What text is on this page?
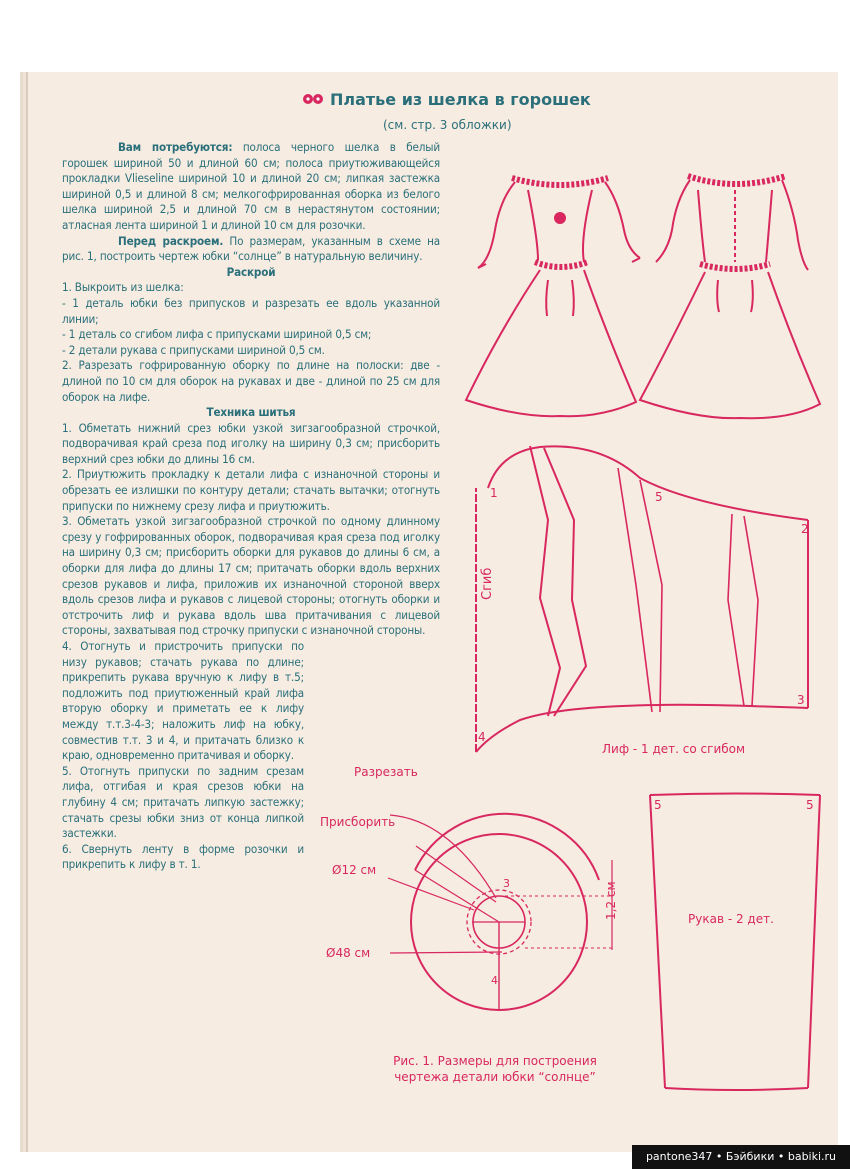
Платье из шелка в горошек
(см. стр. 3 обложки)

Вам потребуются: полоса черного шелка в белый горошек шириной 50 и длиной 60 см; полоса приутюживающейся прокладки Vlieseline шириной 10 и длиной 20 см; липкая застежка шириной 0,5 и длиной 8 см; мелкогофрированная оборка из белого шелка шириной 2,5 и длиной 70 см в нерастянутом состоянии; атласная лента шириной 1 и длиной 10 см для розочки.

Перед раскроем. По размерам, указанным в схеме на рис. 1, построить чертеж юбки “солнце” в натуральную величину.

Раскрой

1. Выкроить из шелка:

- 1 деталь юбки без припусков и разрезать ее вдоль указанной линии;

- 1 деталь со сгибом лифа с припусками шириной 0,5 см;

- 2 детали рукава с припусками шириной 0,5 см.

2. Разрезать гофрированную оборку по длине на полоски: две - длиной по 10 см для оборок на рукавах и две - длиной по 25 см для оборок на лифе.

Техника шитья

1. Обметать нижний срез юбки узкой зигзагообразной строчкой, подворачивая край среза под иголку на ширину 0,3 см; присборить верхний срез юбки до длины 16 см.

2. Приутюжить прокладку к детали лифа с изнаночной стороны и обрезать ее излишки по контуру детали; стачать вытачки; отогнуть припуски по нижнему срезу лифа и приутюжить.

3. Обметать узкой зигзагообразной строчкой по одному длинному срезу у гофрированных оборок, подворачивая края среза под иголку на ширину 0,3 см; присборить оборки для рукавов до длины 6 см, а оборки для лифа до длины 17 см; притачать оборки вдоль верхних срезов рукавов и лифа, приложив их изнаночной стороной вверх вдоль срезов лифа и рукавов с лицевой стороны; отогнуть оборки и отстрочить лиф и рукава вдоль шва притачивания с лицевой стороны, захватывая под строчку припуски с изнаночной стороны.

4. Отогнуть и пристрочить припуски по низу рукавов; стачать рукава по длине; прикрепить рукава вручную к лифу в т.5; подложить под приутюженный край лифа вторую оборку и приметать ее к лифу между т.т.3-4-3; наложить лиф на юбку, совместив т.т. 3 и 4, и притачать близко к краю, одновременно притачивая и оборку.

5. Отогнуть припуски по задним срезам лифа, отгибая и края срезов юбки на глубину 4 см; притачать липкую застежку; стачать срезы юбки зниз от конца липкой застежки.

6. Свернуть ленту в форме розочки и прикрепить к лифу в т. 1.

1
2
3
4
5
Сгиб
Лиф - 1 дет. со сгибом
Разрезать
Присборить
Ø12 см
Ø48 см
3
4
1,2 см
Рис. 1. Размеры для построения
чертежа детали юбки “солнце”
5	5
Рукав - 2 дет.
pantone347 • Бэйбики • babiki.ru
